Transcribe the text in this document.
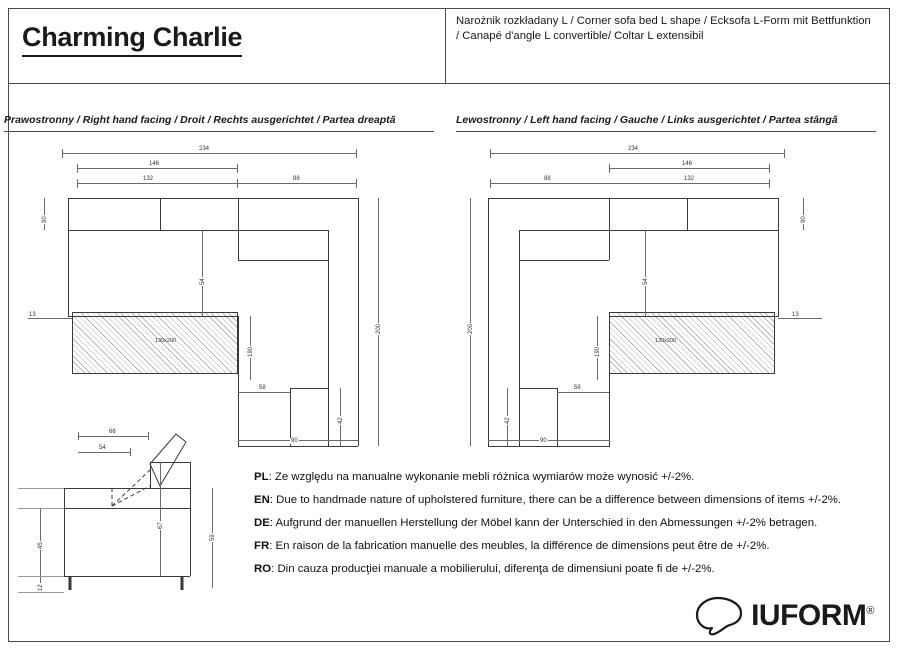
Charming Charlie
Narożnik rozkładany L / Corner sofa bed L shape / Ecksofa L-Form mit Bettfunktion / Canapé d'angle L convertible/ Coltar L extensibil
Prawostronny / Right hand facing / Droit / Rechts ausgerichtet / Partea dreaptă	Lewostronny / Left hand facing / Gauche / Links ausgerichtet / Partea stângă
234
146
132	88
130x200
90
54
200
13
190
58
42
90
234
146
88	132
130x200
90
54
200
13
190
58
42
90
66
54
67
59
45
12
PL: Ze względu na manualne wykonanie mebli różnica wymiarów może wynosić +/-2%.
EN: Due to handmade nature of upholstered furniture, there can be a difference between dimensions of items +/-2%.
DE: Aufgrund der manuellen Herstellung der Möbel kann der Unterschied in den Abmessungen +/-2% betragen.
FR: En raison de la fabrication manuelle des meubles, la différence de dimensions peut être de +/-2%.
RO: Din cauza producţiei manuale a mobilierului, diferenţa de dimensiuni poate fi de +/-2%.
IUFORM®
